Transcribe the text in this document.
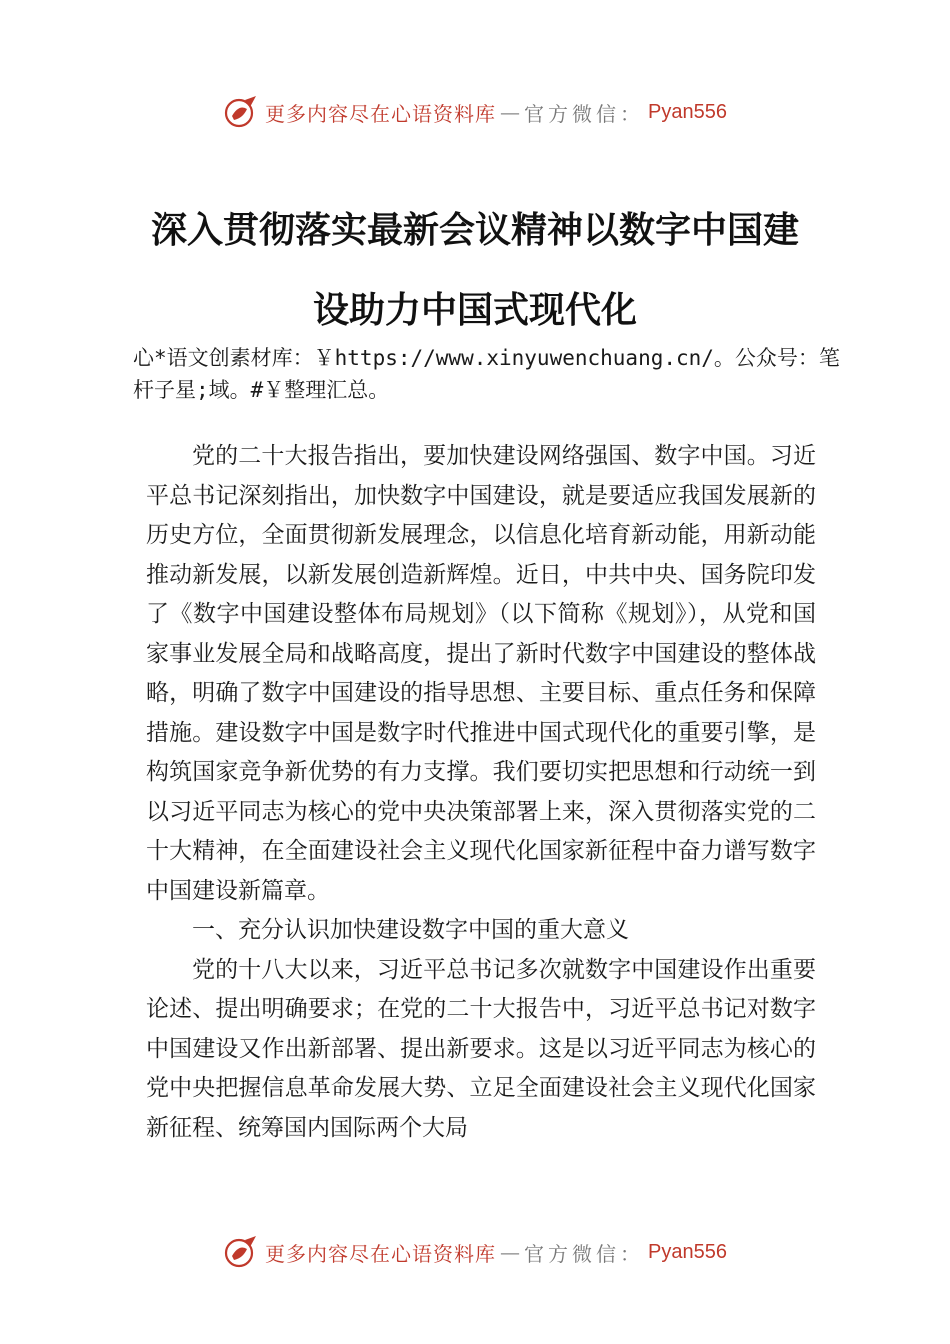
更多内容尽在心语资料库 — 官方微信： Pyan556
深入贯彻落实最新会议精神以数字中国建
设助力中国式现代化

心*语文创素材库：￥https://www.xinyuwenchuang.cn/。公众号：笔杆子星;域。#￥整理汇总。

党的二十大报告指出，要加快建设网络强国、数字中国。习近平总书记深刻指出，加快数字中国建设，就是要适应我国发展新的历史方位，全面贯彻新发展理念，以信息化培育新动能，用新动能推动新发展，以新发展创造新辉煌。近日，中共中央、国务院印发了《数字中国建设整体布局规划》（以下简称《规划》），从党和国家事业发展全局和战略高度，提出了新时代数字中国建设的整体战略，明确了数字中国建设的指导思想、主要目标、重点任务和保障措施。建设数字中国是数字时代推进中国式现代化的重要引擎，是构筑国家竞争新优势的有力支撑。我们要切实把思想和行动统一到以习近平同志为核心的党中央决策部署上来，深入贯彻落实党的二十大精神，在全面建设社会主义现代化国家新征程中奋力谱写数字中国建设新篇章。

一、充分认识加快建设数字中国的重大意义

党的十八大以来，习近平总书记多次就数字中国建设作出重要论述、提出明确要求；在党的二十大报告中，习近平总书记对数字中国建设又作出新部署、提出新要求。这是以习近平同志为核心的党中央把握信息革命发展大势、立足全面建设社会主义现代化国家新征程、统筹国内国际两个大局

更多内容尽在心语资料库 — 官方微信： Pyan556
